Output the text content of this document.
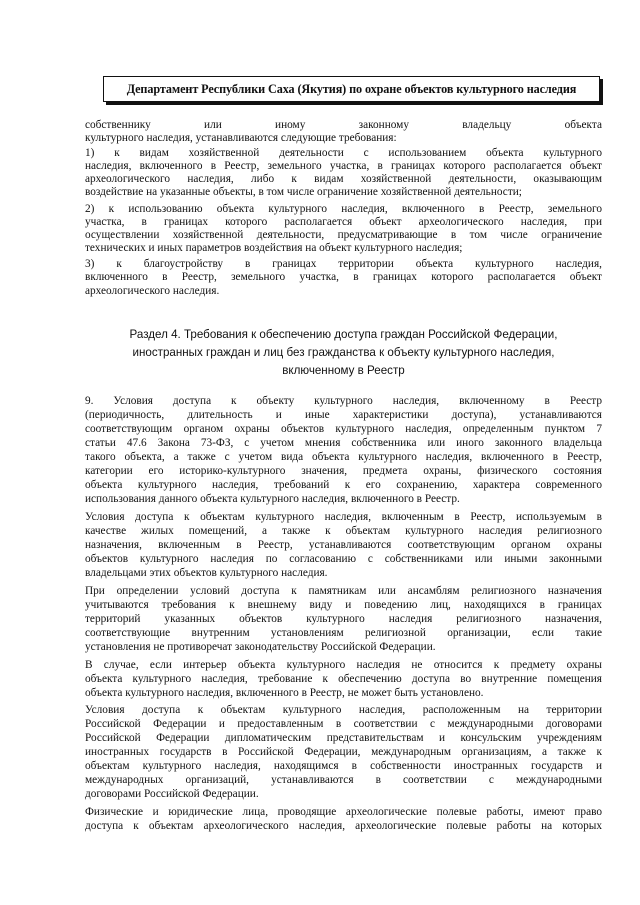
Департамент Республики Саха (Якутия) по охране объектов культурного наследия
собственнику или иному законному владельцу объекта
культурного наследия, устанавливаются следующие требования:
1) к видам хозяйственной деятельности с использованием объекта культурного
наследия, включенного в Реестр, земельного участка, в границах которого располагается объект
археологического наследия, либо к видам хозяйственной деятельности, оказывающим
воздействие на указанные объекты, в том числе ограничение хозяйственной деятельности;
2) к использованию объекта культурного наследия, включенного в Реестр, земельного
участка, в границах которого располагается объект археологического наследия, при
осуществлении хозяйственной деятельности, предусматривающие в том числе ограничение
технических и иных параметров воздействия на объект культурного наследия;
3) к благоустройству в границах территории объекта культурного наследия,
включенного в Реестр, земельного участка, в границах которого располагается объект
археологического наследия.
Раздел 4. Требования к обеспечению доступа граждан Российской Федерации,
иностранных граждан и лиц без гражданства к объекту культурного наследия,
включенному в Реестр
9. Условия доступа к объекту культурного наследия, включенному в Реестр
(периодичность, длительность и иные характеристики доступа), устанавливаются
соответствующим органом охраны объектов культурного наследия, определенным пунктом 7
статьи 47.6 Закона 73-ФЗ, с учетом мнения собственника или иного законного владельца
такого объекта, а также с учетом вида объекта культурного наследия, включенного в Реестр,
категории его историко-культурного значения, предмета охраны, физического состояния
объекта культурного наследия, требований к его сохранению, характера современного
использования данного объекта культурного наследия, включенного в Реестр.
Условия доступа к объектам культурного наследия, включенным в Реестр, используемым в
качестве жилых помещений, а также к объектам культурного наследия религиозного
назначения, включенным в Реестр, устанавливаются соответствующим органом охраны
объектов культурного наследия по согласованию с собственниками или иными законными
владельцами этих объектов культурного наследия.
При определении условий доступа к памятникам или ансамблям религиозного назначения
учитываются требования к внешнему виду и поведению лиц, находящихся в границах
территорий указанных объектов культурного наследия религиозного назначения,
соответствующие внутренним установлениям религиозной организации, если такие
установления не противоречат законодательству Российской Федерации.
В случае, если интерьер объекта культурного наследия не относится к предмету охраны
объекта культурного наследия, требование к обеспечению доступа во внутренние помещения
объекта культурного наследия, включенного в Реестр, не может быть установлено.
Условия доступа к объектам культурного наследия, расположенным на территории
Российской Федерации и предоставленным в соответствии с международными договорами
Российской Федерации дипломатическим представительствам и консульским учреждениям
иностранных государств в Российской Федерации, международным организациям, а также к
объектам культурного наследия, находящимся в собственности иностранных государств и
международных организаций, устанавливаются в соответствии с международными
договорами Российской Федерации.
Физические и юридические лица, проводящие археологические полевые работы, имеют право
доступа к объектам археологического наследия, археологические полевые работы на которых
